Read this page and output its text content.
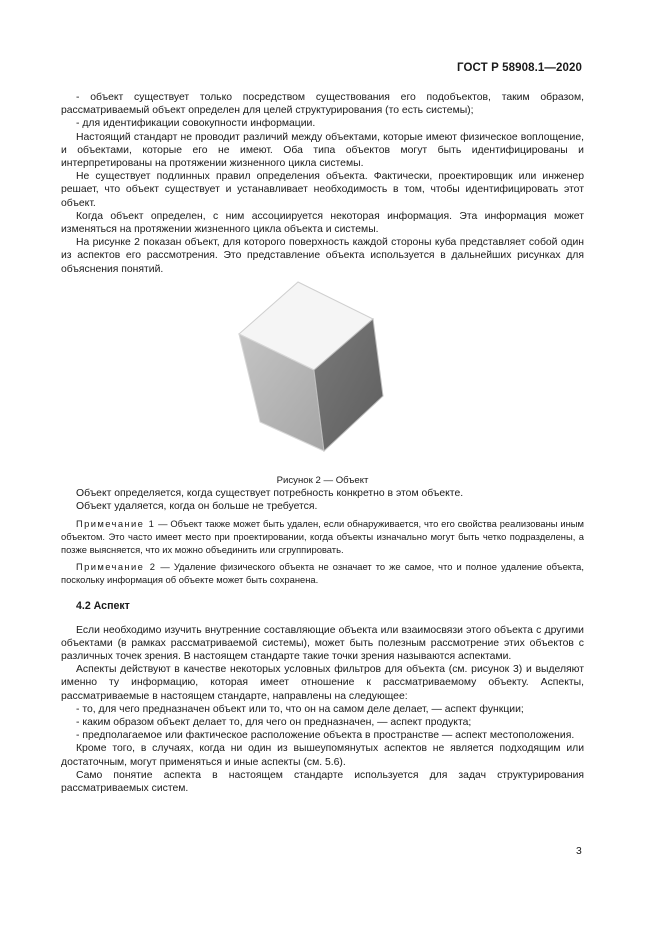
ГОСТ Р 58908.1—2020

- объект существует только посредством существования его подобъектов, таким образом, рассматриваемый объект определен для целей структурирования (то есть системы);

- для идентификации совокупности информации.

Настоящий стандарт не проводит различий между объектами, которые имеют физическое воплощение, и объектами, которые его не имеют. Оба типа объектов могут быть идентифицированы и интерпретированы на протяжении жизненного цикла системы.

Не существует подлинных правил определения объекта. Фактически, проектировщик или инженер решает, что объект существует и устанавливает необходимость в том, чтобы идентифицировать этот объект.

Когда объект определен, с ним ассоциируется некоторая информация. Эта информация может изменяться на протяжении жизненного цикла объекта и системы.

На рисунке 2 показан объект, для которого поверхность каждой стороны куба представляет собой один из аспектов его рассмотрения. Это представление объекта используется в дальнейших рисунках для объяснения понятий.

Рисунок 2 — Объект

Объект определяется, когда существует потребность конкретно в этом объекте.

Объект удаляется, когда он больше не требуется.

Примечание 1 — Объект также может быть удален, если обнаруживается, что его свойства реализованы иным объектом. Это часто имеет место при проектировании, когда объекты изначально могут быть четко подразделены, а позже выясняется, что их можно объединить или сгруппировать.

Примечание 2 — Удаление физического объекта не означает то же самое, что и полное удаление объекта, поскольку информация об объекте может быть сохранена.

4.2 Аспект

Если необходимо изучить внутренние составляющие объекта или взаимосвязи этого объекта с другими объектами (в рамках рассматриваемой системы), может быть полезным рассмотрение этих объектов с различных точек зрения. В настоящем стандарте такие точки зрения называются аспектами.

Аспекты действуют в качестве некоторых условных фильтров для объекта (см. рисунок 3) и выделяют именно ту информацию, которая имеет отношение к рассматриваемому объекту. Аспекты, рассматриваемые в настоящем стандарте, направлены на следующее:

- то, для чего предназначен объект или то, что он на самом деле делает, — аспект функции;

- каким образом объект делает то, для чего он предназначен, — аспект продукта;

- предполагаемое или фактическое расположение объекта в пространстве — аспект местоположения.

Кроме того, в случаях, когда ни один из вышеупомянутых аспектов не является подходящим или достаточным, могут применяться и иные аспекты (см. 5.6).

Само понятие аспекта в настоящем стандарте используется для задач структурирования рассматриваемых систем.

3
